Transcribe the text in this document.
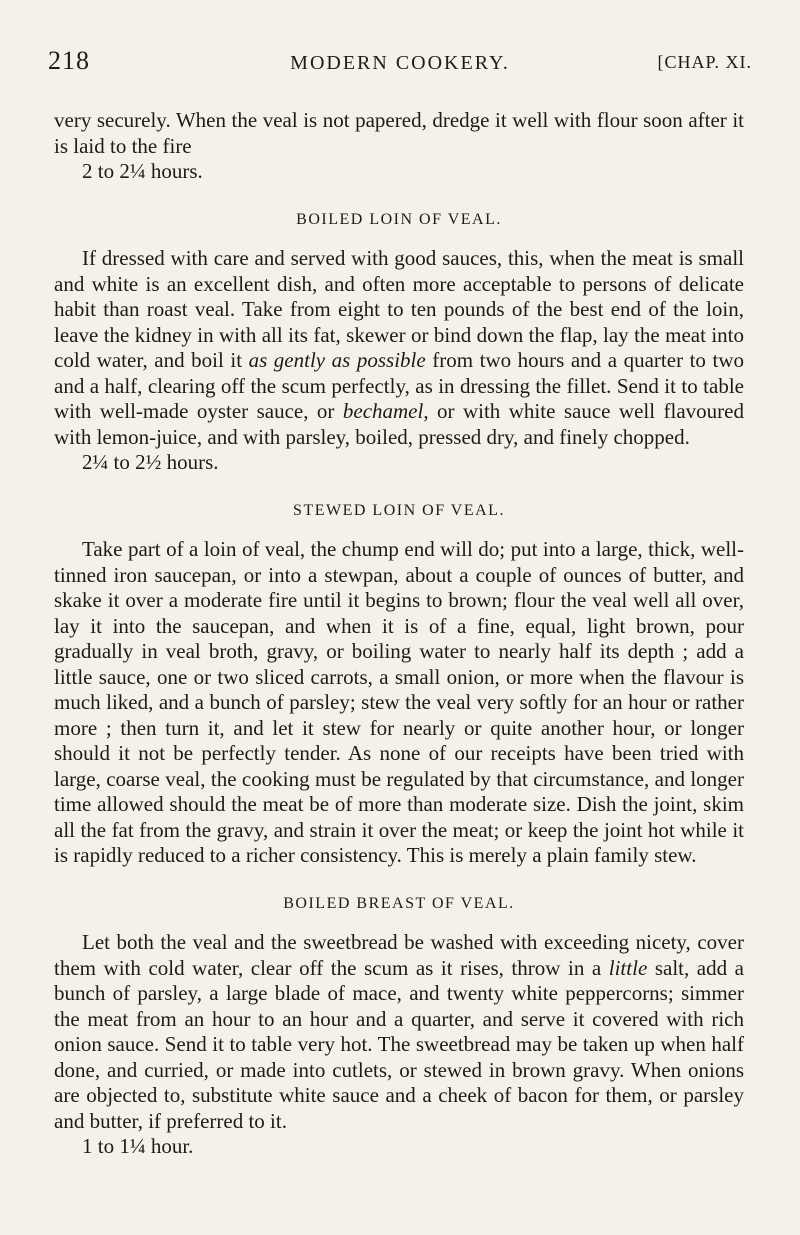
218	MODERN COOKERY.	[CHAP. XI.

very securely. When the veal is not papered, dredge it well with flour soon after it is laid to the fire

2 to 2¼ hours.

BOILED LOIN OF VEAL.

If dressed with care and served with good sauces, this, when the meat is small and white is an excellent dish, and often more acceptable to persons of delicate habit than roast veal. Take from eight to ten pounds of the best end of the loin, leave the kidney in with all its fat, skewer or bind down the flap, lay the meat into cold water, and boil it as gently as possible from two hours and a quarter to two and a half, clearing off the scum perfectly, as in dressing the fillet. Send it to table with well-made oyster sauce, or bechamel, or with white sauce well flavoured with lemon-juice, and with parsley, boiled, pressed dry, and finely chopped.

2¼ to 2½ hours.

STEWED LOIN OF VEAL.

Take part of a loin of veal, the chump end will do; put into a large, thick, well-tinned iron saucepan, or into a stewpan, about a couple of ounces of butter, and skake it over a moderate fire until it begins to brown; flour the veal well all over, lay it into the saucepan, and when it is of a fine, equal, light brown, pour gradually in veal broth, gravy, or boiling water to nearly half its depth ; add a little sauce, one or two sliced carrots, a small onion, or more when the flavour is much liked, and a bunch of parsley; stew the veal very softly for an hour or rather more ; then turn it, and let it stew for nearly or quite another hour, or longer should it not be perfectly tender. As none of our receipts have been tried with large, coarse veal, the cooking must be regulated by that circumstance, and longer time allowed should the meat be of more than moderate size. Dish the joint, skim all the fat from the gravy, and strain it over the meat; or keep the joint hot while it is rapidly reduced to a richer consistency. This is merely a plain family stew.

BOILED BREAST OF VEAL.

Let both the veal and the sweetbread be washed with exceeding nicety, cover them with cold water, clear off the scum as it rises, throw in a little salt, add a bunch of parsley, a large blade of mace, and twenty white peppercorns; simmer the meat from an hour to an hour and a quarter, and serve it covered with rich onion sauce. Send it to table very hot. The sweetbread may be taken up when half done, and curried, or made into cutlets, or stewed in brown gravy. When onions are objected to, substitute white sauce and a cheek of bacon for them, or parsley and butter, if preferred to it.

1 to 1¼ hour.
